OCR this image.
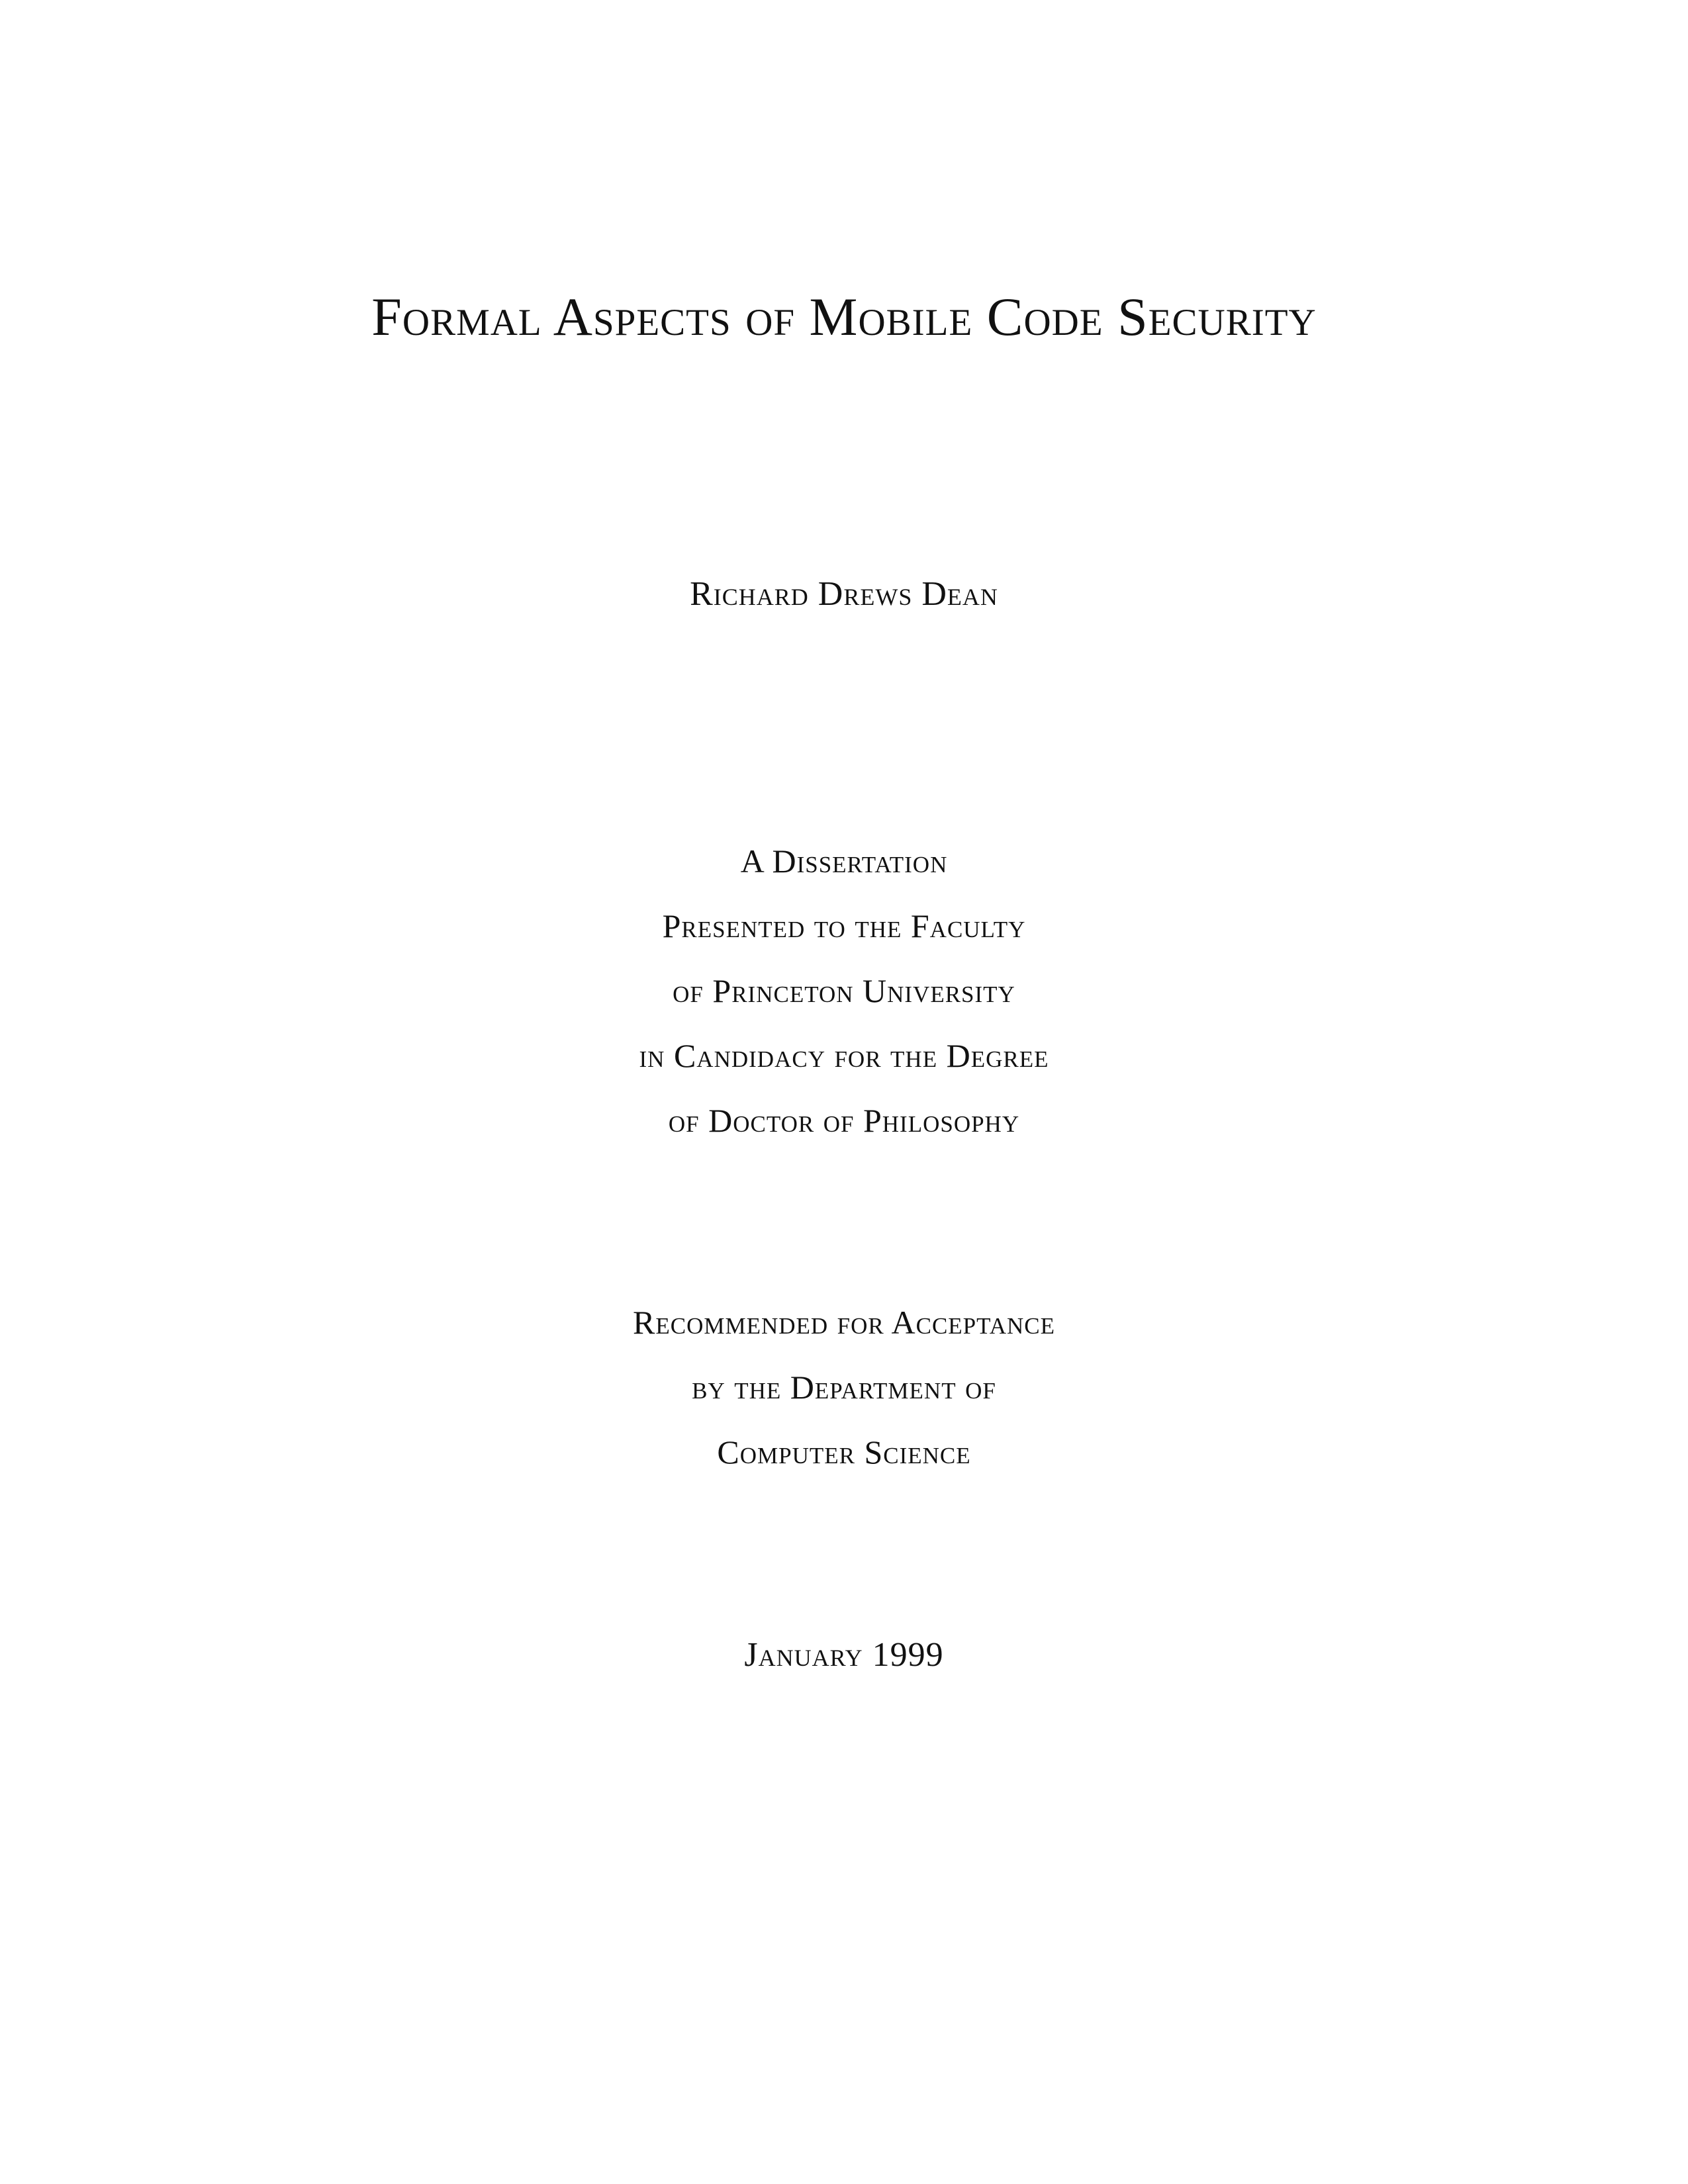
Formal Aspects of Mobile Code Security
Richard Drews Dean
A Dissertation
Presented to the Faculty
of Princeton University
in Candidacy for the Degree
of Doctor of Philosophy
Recommended for Acceptance
by the Department of
Computer Science
January 1999
